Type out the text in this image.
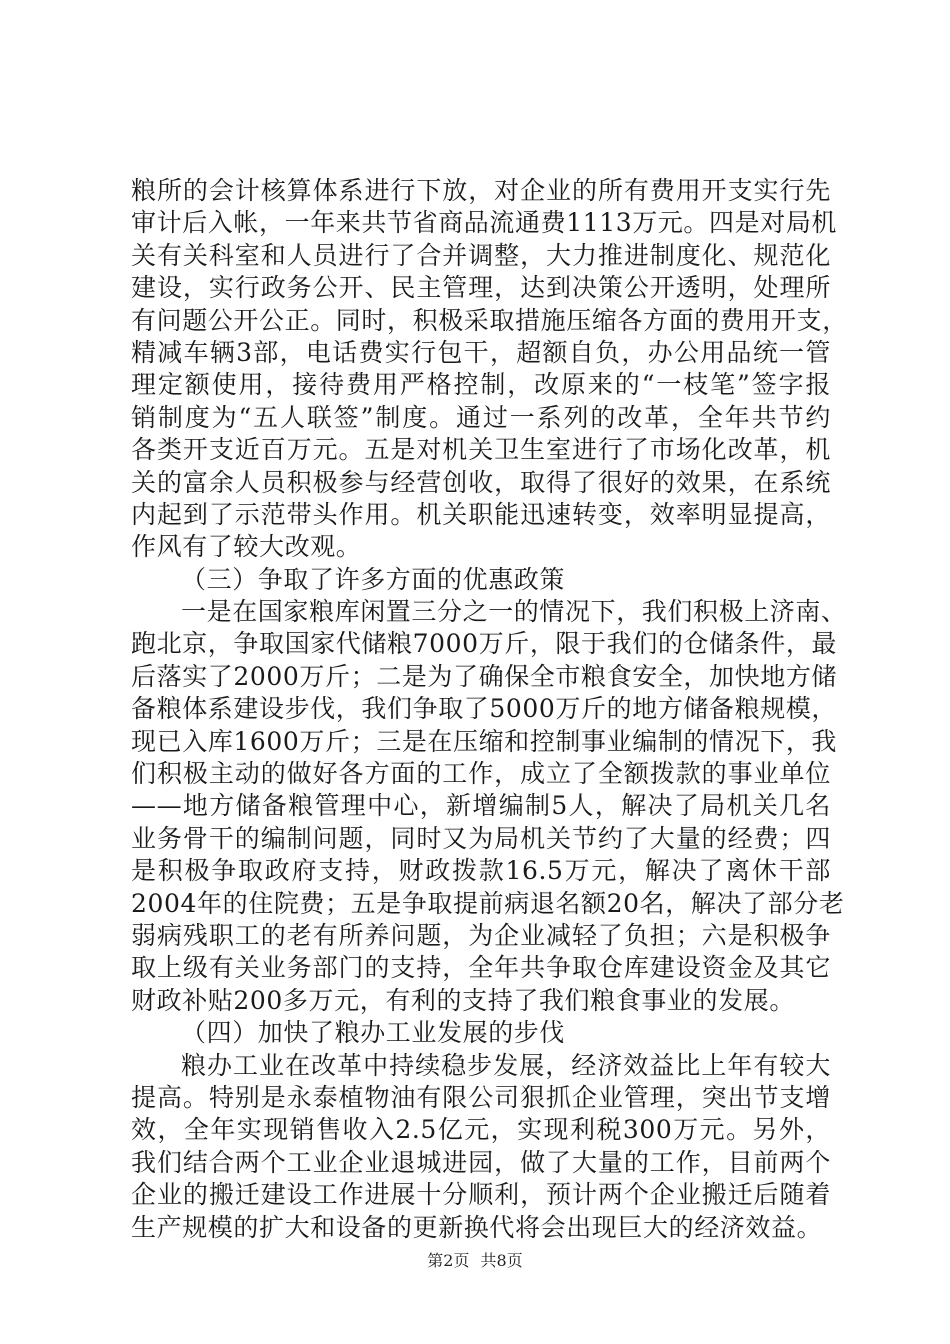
粮所的会计核算体系进行下放，对企业的所有费用开支实行先
审计后入帐，一年来共节省商品流通费1113万元。四是对局机
关有关科室和人员进行了合并调整，大力推进制度化、规范化
建设，实行政务公开、民主管理，达到决策公开透明，处理所
有问题公开公正。同时，积极采取措施压缩各方面的费用开支，
精减车辆3部，电话费实行包干，超额自负，办公用品统一管
理定额使用，接待费用严格控制，改原来的“一枝笔”签字报
销制度为“五人联签”制度。通过一系列的改革，全年共节约
各类开支近百万元。五是对机关卫生室进行了市场化改革，机
关的富余人员积极参与经营创收，取得了很好的效果，在系统
内起到了示范带头作用。机关职能迅速转变，效率明显提高，
作风有了较大改观。
（三）争取了许多方面的优惠政策
一是在国家粮库闲置三分之一的情况下，我们积极上济南、
跑北京，争取国家代储粮7000万斤，限于我们的仓储条件，最
后落实了2000万斤；二是为了确保全市粮食安全，加快地方储
备粮体系建设步伐，我们争取了5000万斤的地方储备粮规模，
现已入库1600万斤；三是在压缩和控制事业编制的情况下，我
们积极主动的做好各方面的工作，成立了全额拨款的事业单位
——地方储备粮管理中心，新增编制5人，解决了局机关几名
业务骨干的编制问题，同时又为局机关节约了大量的经费；四
是积极争取政府支持，财政拨款16.5万元，解决了离休干部
2004年的住院费；五是争取提前病退名额20名，解决了部分老
弱病残职工的老有所养问题，为企业减轻了负担；六是积极争
取上级有关业务部门的支持，全年共争取仓库建设资金及其它
财政补贴200多万元，有利的支持了我们粮食事业的发展。
（四）加快了粮办工业发展的步伐
粮办工业在改革中持续稳步发展，经济效益比上年有较大
提高。特别是永泰植物油有限公司狠抓企业管理，突出节支增
效，全年实现销售收入2.5亿元，实现利税300万元。另外，
我们结合两个工业企业退城进园，做了大量的工作，目前两个
企业的搬迁建设工作进展十分顺利，预计两个企业搬迁后随着
生产规模的扩大和设备的更新换代将会出现巨大的经济效益。
第2页 共8页
